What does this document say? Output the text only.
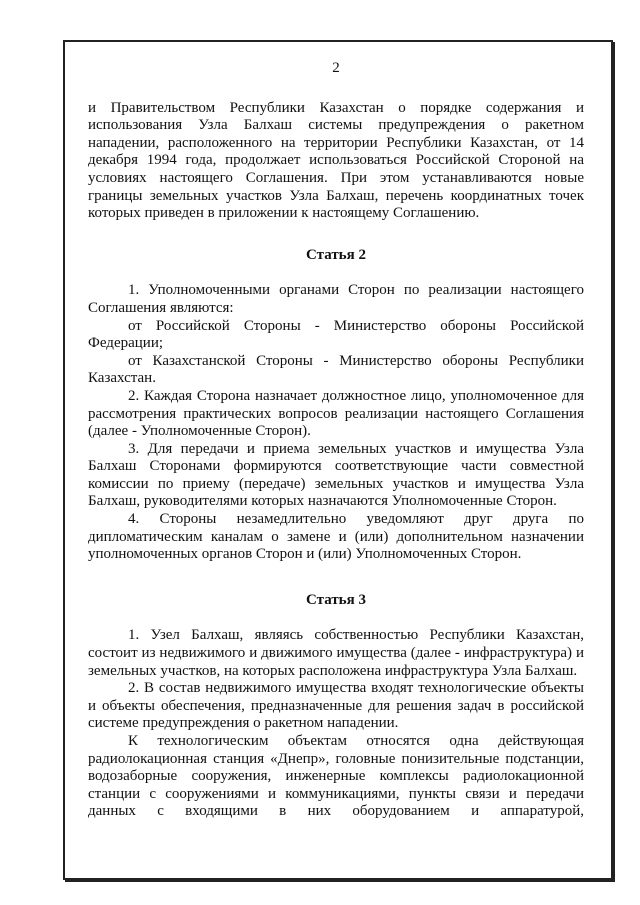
2

и Правительством Республики Казахстан о порядке содержания и использования Узла Балхаш системы предупреждения о ракетном нападении, расположенного на территории Республики Казахстан, от 14 декабря 1994 года, продолжает использоваться Российской Стороной на условиях настоящего Соглашения. При этом устанавливаются новые границы земельных участков Узла Балхаш, перечень координатных точек которых приведен в приложении к настоящему Соглашению.

Статья 2

1. Уполномоченными органами Сторон по реализации настоящего Соглашения являются:

от Российской Стороны - Министерство обороны Российской Федерации;

от Казахстанской Стороны - Министерство обороны Республики Казахстан.

2. Каждая Сторона назначает должностное лицо, уполномоченное для рассмотрения практических вопросов реализации настоящего Соглашения (далее - Уполномоченные Сторон).

3. Для передачи и приема земельных участков и имущества Узла Балхаш Сторонами формируются соответствующие части совместной комиссии по приему (передаче) земельных участков и имущества Узла Балхаш, руководителями которых назначаются Уполномоченные Сторон.

4. Стороны незамедлительно уведомляют друг друга по дипломатическим каналам о замене и (или) дополнительном назначении уполномоченных органов Сторон и (или) Уполномоченных Сторон.

Статья 3

1. Узел Балхаш, являясь собственностью Республики Казахстан, состоит из недвижимого и движимого имущества (далее - инфраструктура) и земельных участков, на которых расположена инфраструктура Узла Балхаш.

2. В состав недвижимого имущества входят технологические объекты и объекты обеспечения, предназначенные для решения задач в российской системе предупреждения о ракетном нападении.

К технологическим объектам относятся одна действующая радиолокационная станция «Днепр», головные понизительные подстанции, водозаборные сооружения, инженерные комплексы радиолокационной станции с сооружениями и коммуникациями, пункты связи и передачи данных с входящими в них оборудованием и аппаратурой,
